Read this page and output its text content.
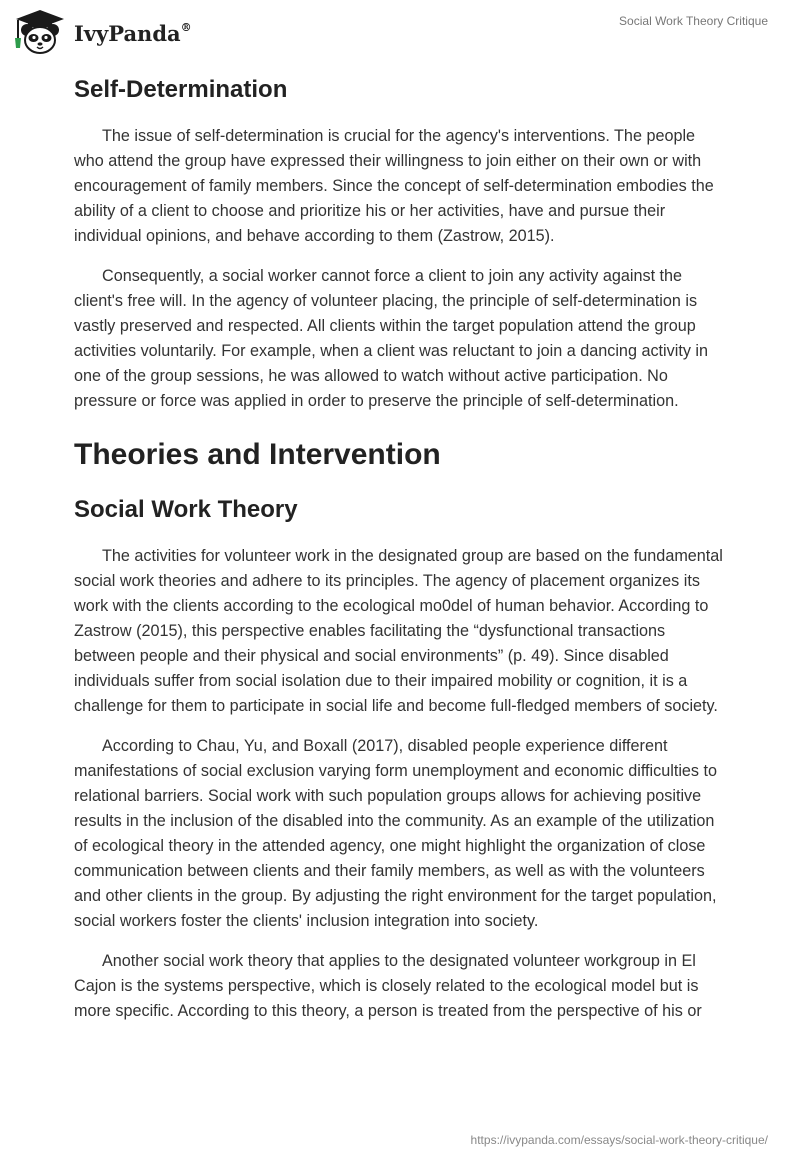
IvyPanda®	Social Work Theory Critique
Self-Determination

The issue of self-determination is crucial for the agency's interventions. The people who attend the group have expressed their willingness to join either on their own or with encouragement of family members. Since the concept of self-determination embodies the ability of a client to choose and prioritize his or her activities, have and pursue their individual opinions, and behave according to them (Zastrow, 2015).

Consequently, a social worker cannot force a client to join any activity against the client's free will. In the agency of volunteer placing, the principle of self-determination is vastly preserved and respected. All clients within the target population attend the group activities voluntarily. For example, when a client was reluctant to join a dancing activity in one of the group sessions, he was allowed to watch without active participation. No pressure or force was applied in order to preserve the principle of self-determination.

Theories and Intervention
Social Work Theory

The activities for volunteer work in the designated group are based on the fundamental social work theories and adhere to its principles. The agency of placement organizes its work with the clients according to the ecological mo0del of human behavior. According to Zastrow (2015), this perspective enables facilitating the “dysfunctional transactions between people and their physical and social environments” (p. 49). Since disabled individuals suffer from social isolation due to their impaired mobility or cognition, it is a challenge for them to participate in social life and become full-fledged members of society.

According to Chau, Yu, and Boxall (2017), disabled people experience different manifestations of social exclusion varying form unemployment and economic difficulties to relational barriers. Social work with such population groups allows for achieving positive results in the inclusion of the disabled into the community. As an example of the utilization of ecological theory in the attended agency, one might highlight the organization of close communication between clients and their family members, as well as with the volunteers and other clients in the group. By adjusting the right environment for the target population, social workers foster the clients' inclusion integration into society.

Another social work theory that applies to the designated volunteer workgroup in El Cajon is the systems perspective, which is closely related to the ecological model but is more specific. According to this theory, a person is treated from the perspective of his or

https://ivypanda.com/essays/social-work-theory-critique/
